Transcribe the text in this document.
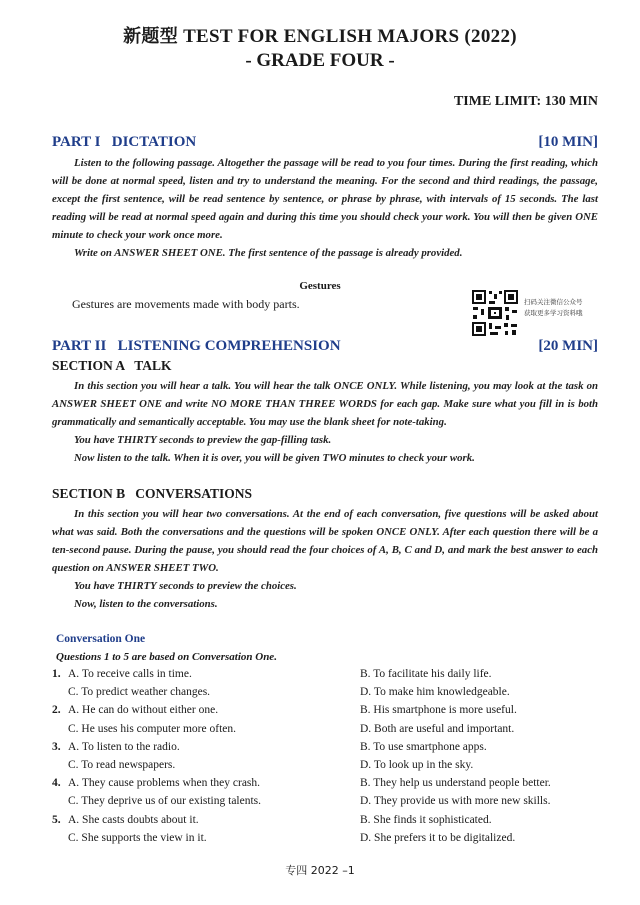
新题型 TEST FOR ENGLISH MAJORS (2022)
- GRADE FOUR -
TIME LIMIT: 130 MIN
PART I   DICTATION	[10 MIN]

Listen to the following passage. Altogether the passage will be read to you four times. During the first reading, which will be done at normal speed, listen and try to understand the meaning. For the second and third readings, the passage, except the first sentence, will be read sentence by sentence, or phrase by phrase, with intervals of 15 seconds. The last reading will be read at normal speed again and during this time you should check your work. You will then be given ONE minute to check your work once more.

Write on ANSWER SHEET ONE. The first sentence of the passage is already provided.

Gestures
Gestures are movements made with body parts.	扫码关注微信公众号
获取更多学习资料哦
PART II   LISTENING COMPREHENSION	[20 MIN]
SECTION A   TALK

In this section you will hear a talk. You will hear the talk ONCE ONLY. While listening, you may look at the task on ANSWER SHEET ONE and write NO MORE THAN THREE WORDS for each gap. Make sure what you fill in is both grammatically and semantically acceptable. You may use the blank sheet for note-taking.

You have THIRTY seconds to preview the gap-filling task.

Now listen to the talk. When it is over, you will be given TWO minutes to check your work.

SECTION B   CONVERSATIONS

In this section you will hear two conversations. At the end of each conversation, five questions will be asked about what was said. Both the conversations and the questions will be spoken ONCE ONLY. After each question there will be a ten-second pause. During the pause, you should read the four choices of A, B, C and D, and mark the best answer to each question on ANSWER SHEET TWO.

You have THIRTY seconds to preview the choices.

Now, listen to the conversations.

Conversation One
Questions 1 to 5 are based on Conversation One.
1. A. To receive calls in time.	B. To facilitate his daily life.
C. To predict weather changes.	D. To make him knowledgeable.
2. A. He can do without either one.	B. His smartphone is more useful.
C. He uses his computer more often.	D. Both are useful and important.
3. A. To listen to the radio.	B. To use smartphone apps.
C. To read newspapers.	D. To look up in the sky.
4. A. They cause problems when they crash.	B. They help us understand people better.
C. They deprive us of our existing talents.	D. They provide us with more new skills.
5. A. She casts doubts about it.	B. She finds it sophisticated.
C. She supports the view in it.	D. She prefers it to be digitalized.
专四 2022 –1
